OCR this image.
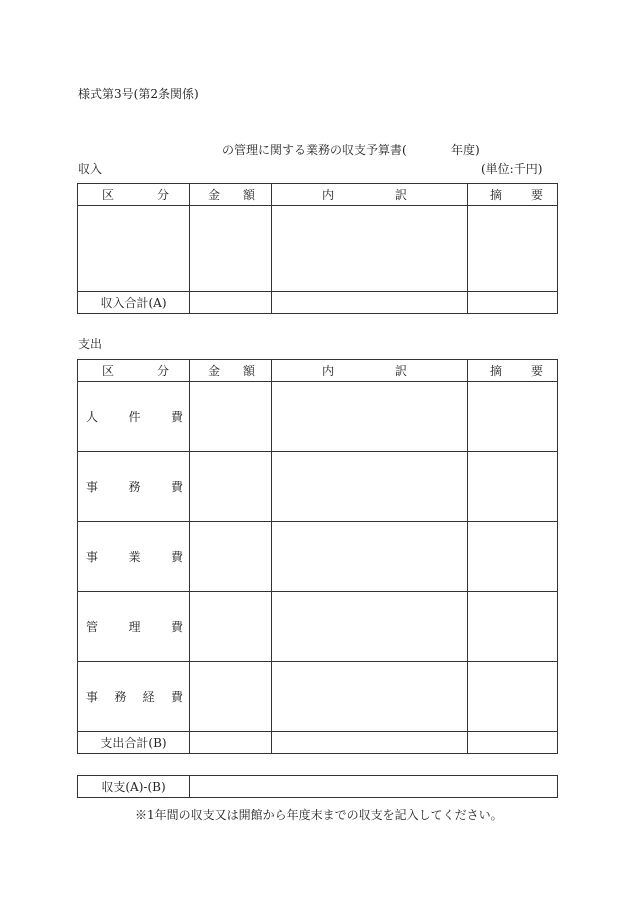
様式第3号(第2条関係)
の管理に関する業務の収支予算書(	年度)
収入	(単位:千円)
区 分	金 額	内 訳	摘 要

収入合計(A)			
支出
区 分	金 額	内 訳	摘 要

人 件 費			

事 務 費			

事 業 費			

管 理 費			

事 務 経 費			

支出合計(B)			
収支(A)-(B)	
※1年間の収支又は開館から年度末までの収支を記入してください。
